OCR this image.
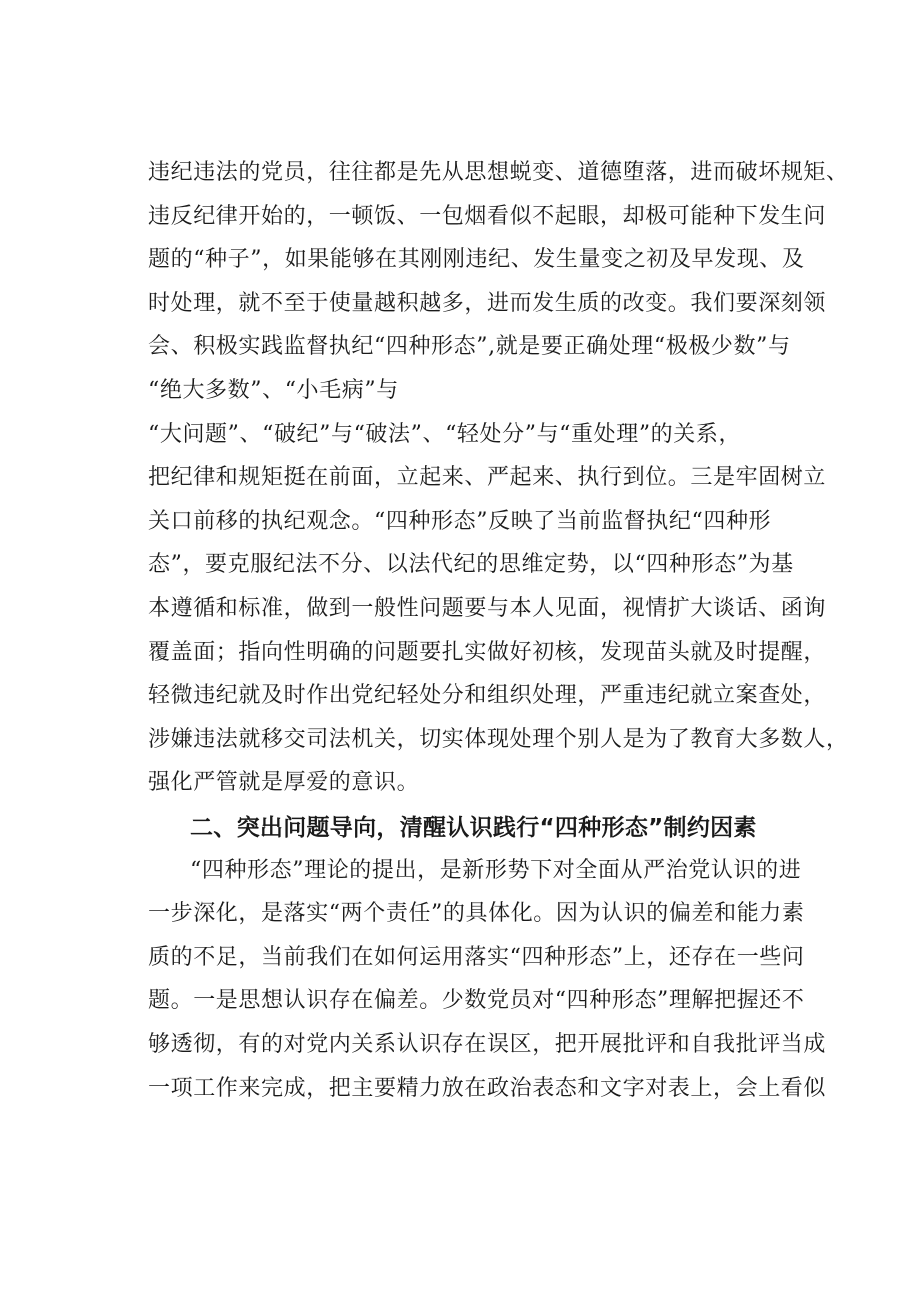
违纪违法的党员，往往都是先从思想蜕变、道德堕落，进而破坏规矩、
违反纪律开始的，一顿饭、一包烟看似不起眼，却极可能种下发生问
题的“种子”，如果能够在其刚刚违纪、发生量变之初及早发现、及
时处理，就不至于使量越积越多，进而发生质的改变。我们要深刻领
会、积极实践监督执纪“四种形态”,就是要正确处理“极极少数”与
“绝大多数”、“小毛病”与
“大问题”、“破纪”与“破法”、“轻处分”与“重处理”的关系，
把纪律和规矩挺在前面，立起来、严起来、执行到位。三是牢固树立
关口前移的执纪观念。“四种形态”反映了当前监督执纪“四种形
态”，要克服纪法不分、以法代纪的思维定势，以“四种形态”为基
本遵循和标准，做到一般性问题要与本人见面，视情扩大谈话、函询
覆盖面；指向性明确的问题要扎实做好初核，发现苗头就及时提醒，
轻微违纪就及时作出党纪轻处分和组织处理，严重违纪就立案查处，
涉嫌违法就移交司法机关，切实体现处理个别人是为了教育大多数人，
强化严管就是厚爱的意识。
二、突出问题导向，清醒认识践行“四种形态”制约因素
“四种形态”理论的提出，是新形势下对全面从严治党认识的进
一步深化，是落实“两个责任”的具体化。因为认识的偏差和能力素
质的不足，当前我们在如何运用落实“四种形态”上，还存在一些问
题。一是思想认识存在偏差。少数党员对“四种形态”理解把握还不
够透彻，有的对党内关系认识存在误区，把开展批评和自我批评当成
一项工作来完成，把主要精力放在政治表态和文字对表上，会上看似
